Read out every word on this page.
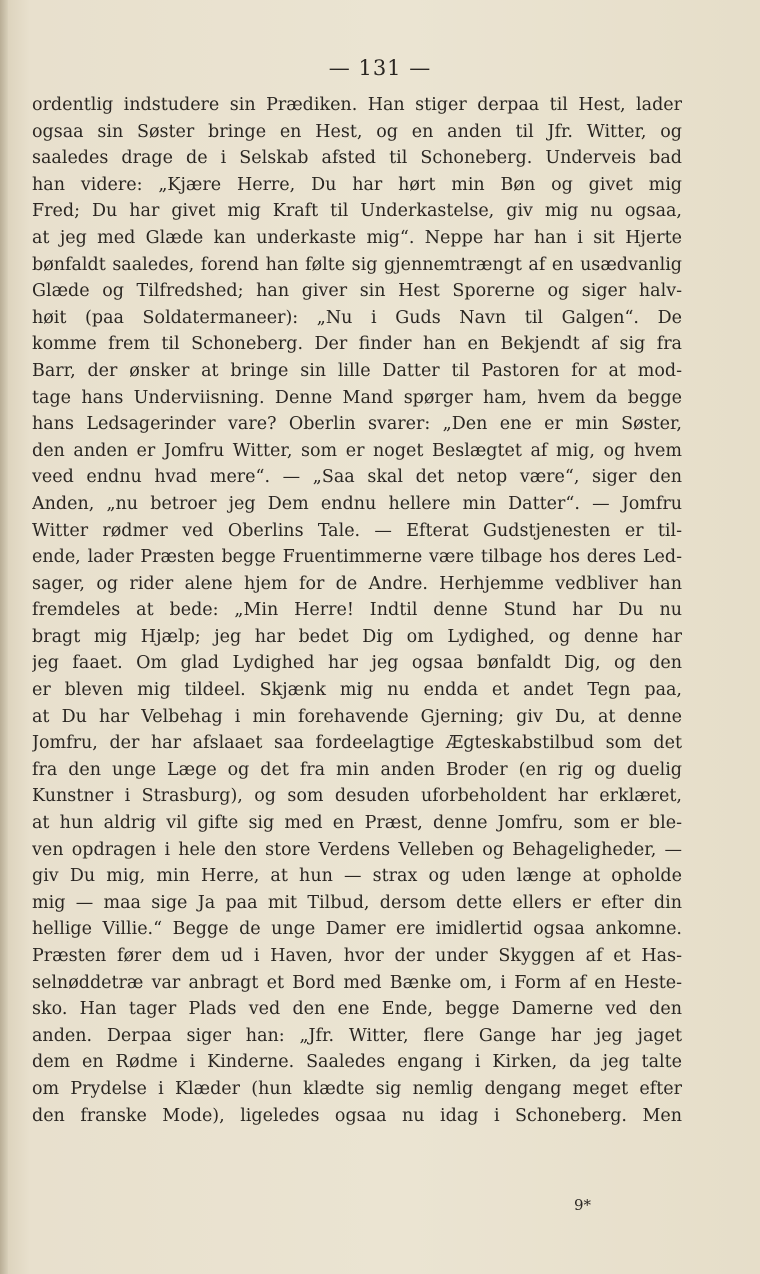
— 131 —
ordentlig indstudere sin Prædiken. Han stiger derpaa til Hest, lader
ogsaa sin Søster bringe en Hest, og en anden til Jfr. Witter, og
saaledes drage de i Selskab afsted til Schoneberg. Underveis bad
han videre: „Kjære Herre, Du har hørt min Bøn og givet mig
Fred; Du har givet mig Kraft til Underkastelse, giv mig nu ogsaa,
at jeg med Glæde kan underkaste mig“. Neppe har han i sit Hjerte
bønfaldt saaledes, forend han følte sig gjennemtrængt af en usædvanlig
Glæde og Tilfredshed; han giver sin Hest Sporerne og siger halv-
høit (paa Soldatermaneer): „Nu i Guds Navn til Galgen“. De
komme frem til Schoneberg. Der finder han en Bekjendt af sig fra
Barr, der ønsker at bringe sin lille Datter til Pastoren for at mod-
tage hans Underviisning. Denne Mand spørger ham, hvem da begge
hans Ledsagerinder vare? Oberlin svarer: „Den ene er min Søster,
den anden er Jomfru Witter, som er noget Beslægtet af mig, og hvem
veed endnu hvad mere“. — „Saa skal det netop være“, siger den
Anden, „nu betroer jeg Dem endnu hellere min Datter“. — Jomfru
Witter rødmer ved Oberlins Tale. — Efterat Gudstjenesten er til-
ende, lader Præsten begge Fruentimmerne være tilbage hos deres Led-
sager, og rider alene hjem for de Andre. Herhjemme vedbliver han
fremdeles at bede: „Min Herre! Indtil denne Stund har Du nu
bragt mig Hjælp; jeg har bedet Dig om Lydighed, og denne har
jeg faaet. Om glad Lydighed har jeg ogsaa bønfaldt Dig, og den
er bleven mig tildeel. Skjænk mig nu endda et andet Tegn paa,
at Du har Velbehag i min forehavende Gjerning; giv Du, at denne
Jomfru, der har afslaaet saa fordeelagtige Ægteskabstilbud som det
fra den unge Læge og det fra min anden Broder (en rig og duelig
Kunstner i Strasburg), og som desuden uforbeholdent har erklæret,
at hun aldrig vil gifte sig med en Præst, denne Jomfru, som er ble-
ven opdragen i hele den store Verdens Velleben og Behageligheder, —
giv Du mig, min Herre, at hun — strax og uden længe at opholde
mig — maa sige Ja paa mit Tilbud, dersom dette ellers er efter din
hellige Villie.“ Begge de unge Damer ere imidlertid ogsaa ankomne.
Præsten fører dem ud i Haven, hvor der under Skyggen af et Has-
selnøddetræ var anbragt et Bord med Bænke om, i Form af en Heste-
sko. Han tager Plads ved den ene Ende, begge Damerne ved den
anden. Derpaa siger han: „Jfr. Witter, flere Gange har jeg jaget
dem en Rødme i Kinderne. Saaledes engang i Kirken, da jeg talte
om Prydelse i Klæder (hun klædte sig nemlig dengang meget efter
den franske Mode), ligeledes ogsaa nu idag i Schoneberg. Men
9*
